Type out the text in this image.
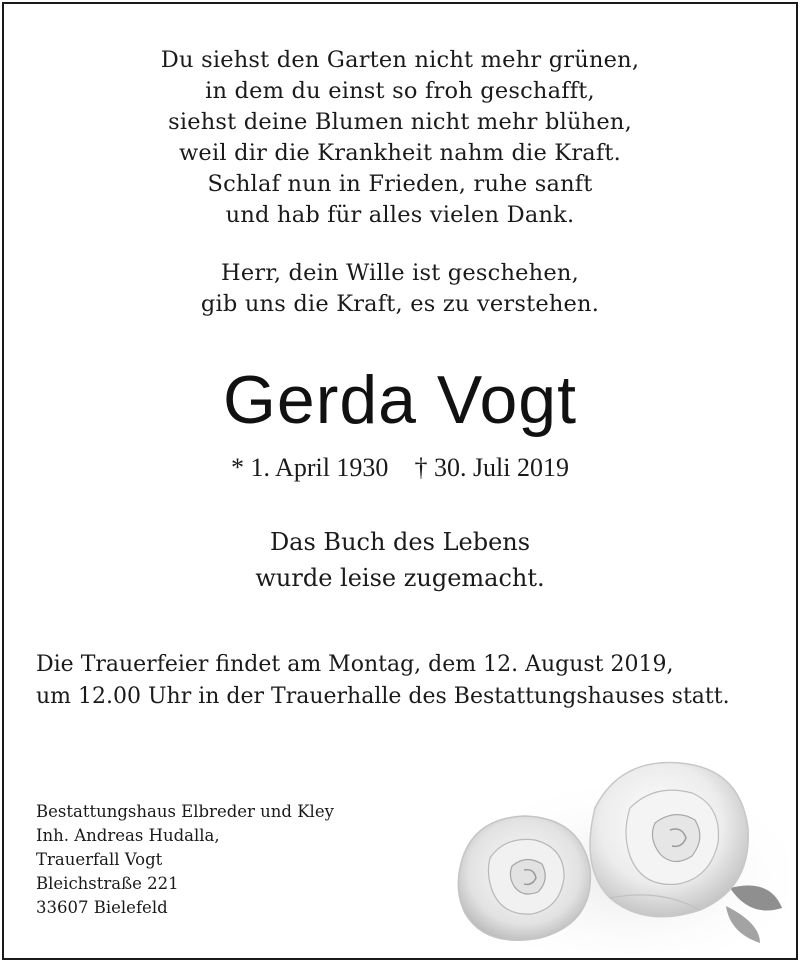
Du siehst den Garten nicht mehr grünen,
in dem du einst so froh geschafft,
siehst deine Blumen nicht mehr blühen,
weil dir die Krankheit nahm die Kraft.
Schlaf nun in Frieden, ruhe sanft
und hab für alles vielen Dank.
Herr, dein Wille ist geschehen,
gib uns die Kraft, es zu verstehen.
Gerda Vogt
* 1. April 1930 † 30. Juli 2019
Das Buch des Lebens
wurde leise zugemacht.
Die Trauerfeier findet am Montag, dem 12. August 2019,
um 12.00 Uhr in der Trauerhalle des Bestattungshauses statt.
Bestattungshaus Elbreder und Kley
Inh. Andreas Hudalla,
Trauerfall Vogt
Bleichstraße 221
33607 Bielefeld
